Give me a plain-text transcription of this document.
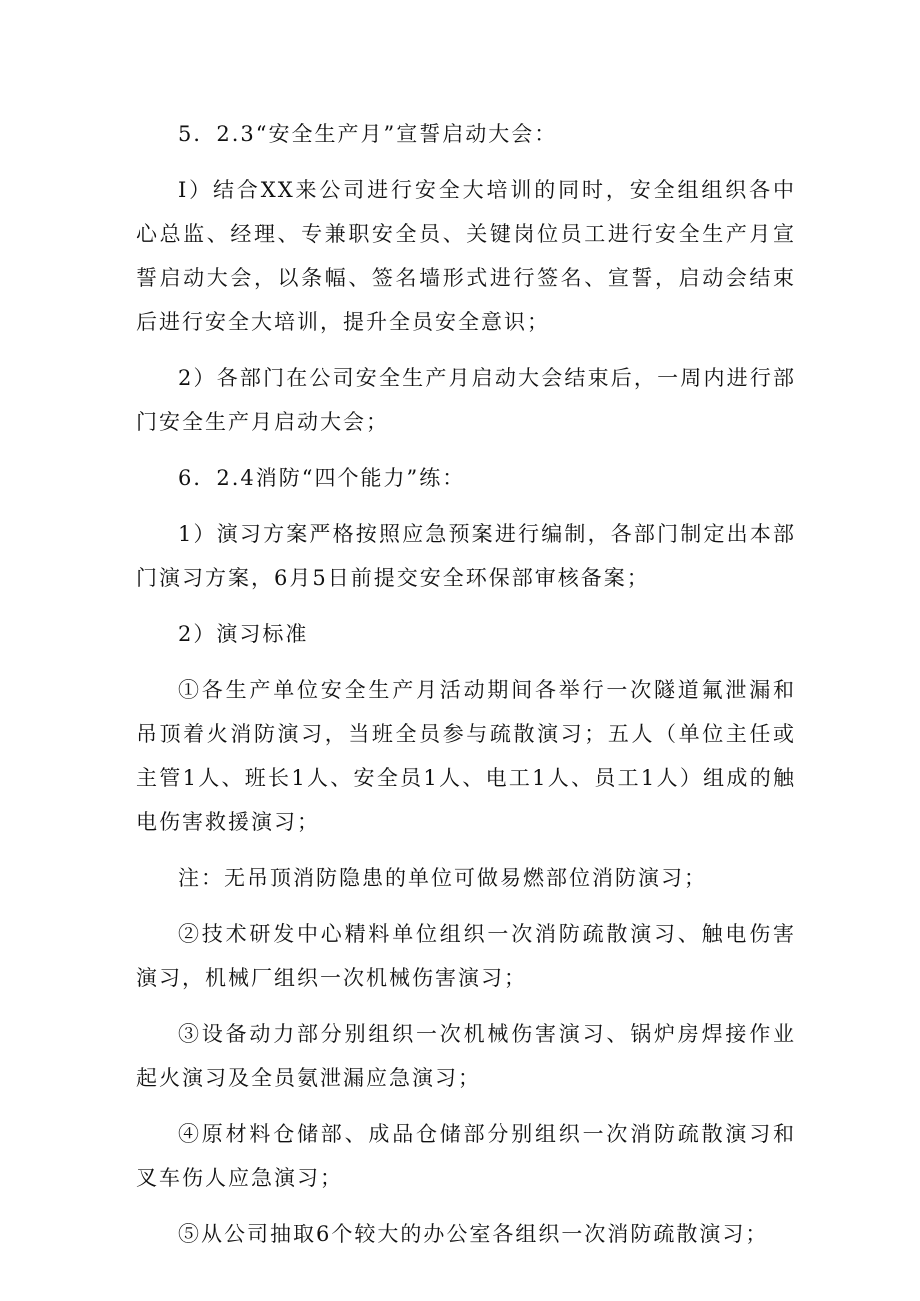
5．2.3“安全生产月”宣誓启动大会：

I）结合XX来公司进行安全大培训的同时，安全组组织各中心总监、经理、专兼职安全员、关键岗位员工进行安全生产月宣誓启动大会，以条幅、签名墙形式进行签名、宣誓，启动会结束后进行安全大培训，提升全员安全意识；

2）各部门在公司安全生产月启动大会结束后，一周内进行部门安全生产月启动大会；

6．2.4消防“四个能力”练：

1）演习方案严格按照应急预案进行编制，各部门制定出本部门演习方案，6月5日前提交安全环保部审核备案；

2）演习标准

①各生产单位安全生产月活动期间各举行一次隧道氟泄漏和吊顶着火消防演习，当班全员参与疏散演习；五人（单位主任或主管1人、班长1人、安全员1人、电工1人、员工1人）组成的触电伤害救援演习；

注：无吊顶消防隐患的单位可做易燃部位消防演习；

②技术研发中心精料单位组织一次消防疏散演习、触电伤害演习，机械厂组织一次机械伤害演习；

③设备动力部分别组织一次机械伤害演习、锅炉房焊接作业起火演习及全员氨泄漏应急演习；

④原材料仓储部、成品仓储部分别组织一次消防疏散演习和叉车伤人应急演习；

⑤从公司抽取6个较大的办公室各组织一次消防疏散演习；
